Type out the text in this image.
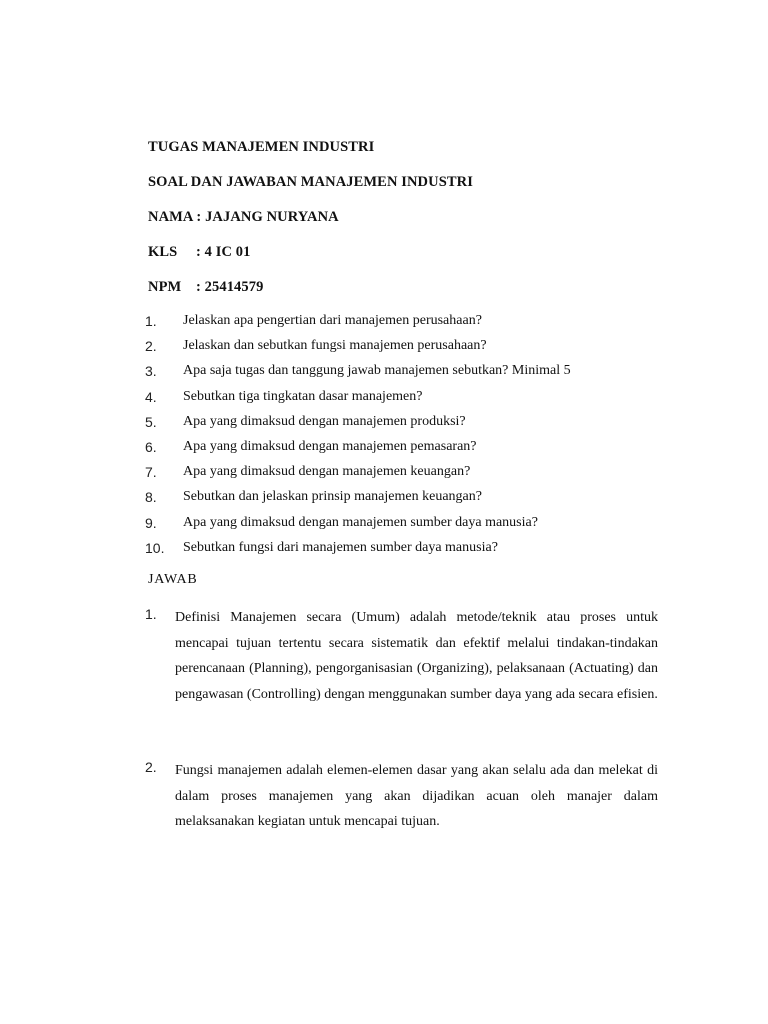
TUGAS MANAJEMEN INDUSTRI
SOAL DAN JAWABAN MANAJEMEN INDUSTRI
NAMA : JAJANG NURYANA
KLS : 4 IC 01
NPM : 25414579
1. Jelaskan apa pengertian dari manajemen perusahaan?
2. Jelaskan dan sebutkan fungsi manajemen perusahaan?
3. Apa saja tugas dan tanggung jawab manajemen sebutkan? Minimal 5
4. Sebutkan tiga tingkatan dasar manajemen?
5. Apa yang dimaksud dengan manajemen produksi?
6. Apa yang dimaksud dengan manajemen pemasaran?
7. Apa yang dimaksud dengan manajemen keuangan?
8. Sebutkan dan jelaskan prinsip manajemen keuangan?
9. Apa yang dimaksud dengan manajemen sumber daya manusia?
10. Sebutkan fungsi dari manajemen sumber daya manusia?
JAWAB
1. Definisi Manajemen secara (Umum) adalah metode/teknik atau proses untuk mencapai tujuan tertentu secara sistematik dan efektif melalui tindakan-tindakan perencanaan (Planning), pengorganisasian (Organizing), pelaksanaan (Actuating) dan pengawasan (Controlling) dengan menggunakan sumber daya yang ada secara efisien.
2. Fungsi manajemen adalah elemen-elemen dasar yang akan selalu ada dan melekat di dalam proses manajemen yang akan dijadikan acuan oleh manajer dalam melaksanakan kegiatan untuk mencapai tujuan.
